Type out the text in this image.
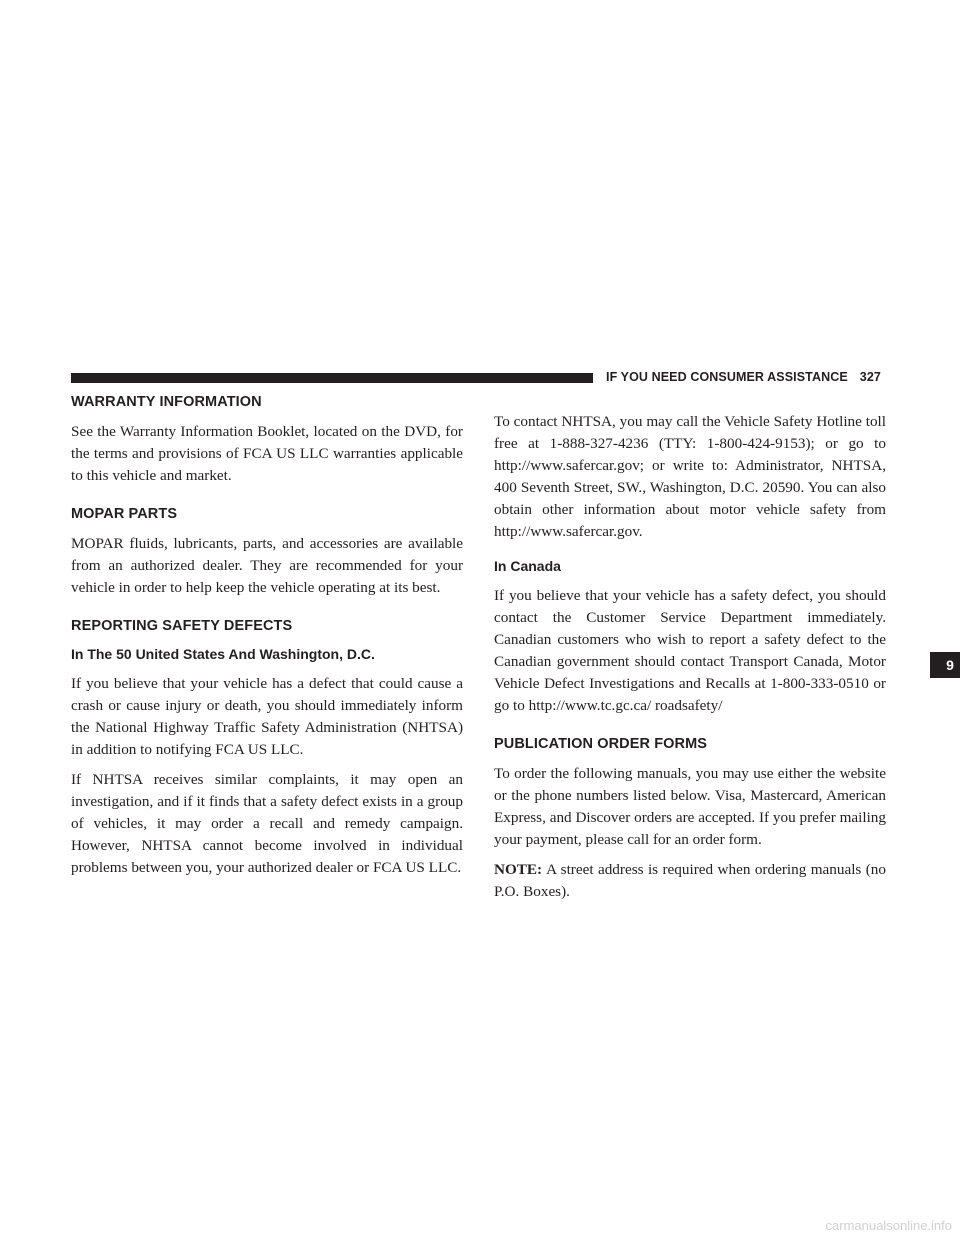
IF YOU NEED CONSUMER ASSISTANCE 327
WARRANTY INFORMATION

See the Warranty Information Booklet, located on the DVD, for the terms and provisions of FCA US LLC warranties applicable to this vehicle and market.

MOPAR PARTS

MOPAR fluids, lubricants, parts, and accessories are available from an authorized dealer. They are recommended for your vehicle in order to help keep the vehicle operating at its best.

REPORTING SAFETY DEFECTS
In The 50 United States And Washington, D.C.

If you believe that your vehicle has a defect that could cause a crash or cause injury or death, you should immediately inform the National Highway Traffic Safety Administration (NHTSA) in addition to notifying FCA US LLC.

If NHTSA receives similar complaints, it may open an investigation, and if it finds that a safety defect exists in a group of vehicles, it may order a recall and remedy campaign. However, NHTSA cannot become involved in individual problems between you, your authorized dealer or FCA US LLC.

To contact NHTSA, you may call the Vehicle Safety Hotline toll free at 1-888-327-4236 (TTY: 1-800-424-9153); or go to http://www.safercar.gov; or write to: Administrator, NHTSA, 400 Seventh Street, SW., Washington, D.C. 20590. You can also obtain other information about motor vehicle safety from http://www.safercar.gov.

In Canada

If you believe that your vehicle has a safety defect, you should contact the Customer Service Department immediately. Canadian customers who wish to report a safety defect to the Canadian government should contact Transport Canada, Motor Vehicle Defect Investigations and Recalls at 1-800-333-0510 or go to http://www.tc.gc.ca/ roadsafety/

PUBLICATION ORDER FORMS

To order the following manuals, you may use either the website or the phone numbers listed below. Visa, Mastercard, American Express, and Discover orders are accepted. If you prefer mailing your payment, please call for an order form.

NOTE: A street address is required when ordering manuals (no P.O. Boxes).

9
carmanualsonline.info
